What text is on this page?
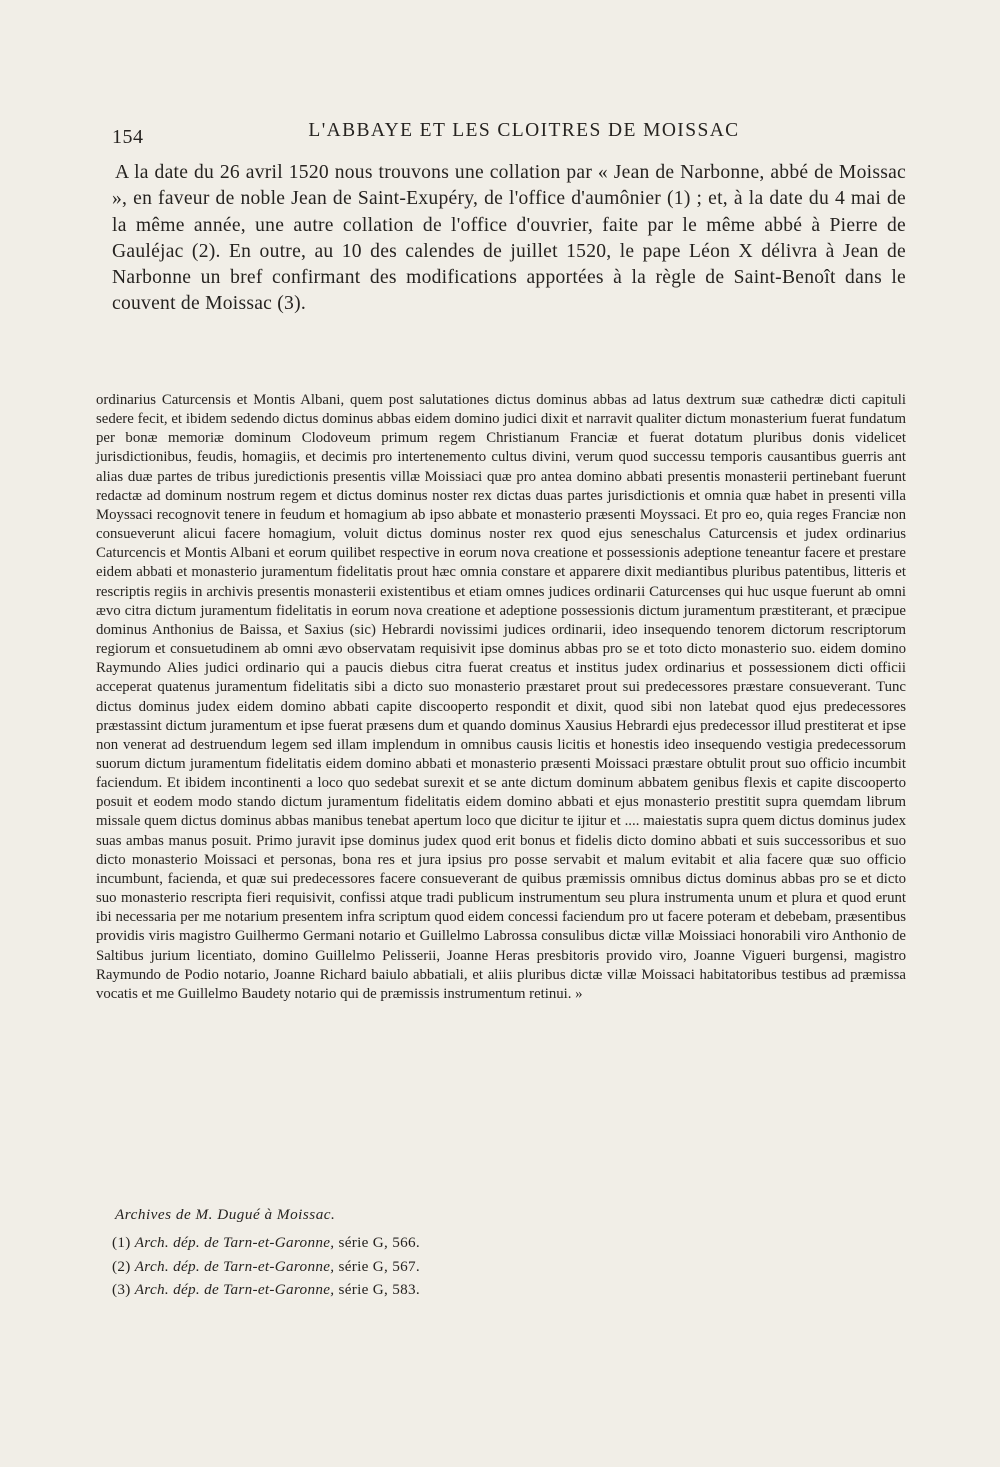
154	L'ABBAYE ET LES CLOITRES DE MOISSAC

A la date du 26 avril 1520 nous trouvons une collation par « Jean de Narbonne, abbé de Moissac », en faveur de noble Jean de Saint-Exupéry, de l'office d'aumônier (1) ; et, à la date du 4 mai de la même année, une autre collation de l'office d'ouvrier, faite par le même abbé à Pierre de Gauléjac (2). En outre, au 10 des calendes de juillet 1520, le pape Léon X délivra à Jean de Narbonne un bref confirmant des modifications apportées à la règle de Saint-Benoît dans le couvent de Moissac (3).

ordinarius Caturcensis et Montis Albani, quem post salutationes dictus dominus abbas ad latus dextrum suæ cathedræ dicti capituli sedere fecit, et ibidem sedendo dictus dominus abbas eidem domino judici dixit et narravit qualiter dictum monasterium fuerat fundatum per bonæ memoriæ dominum Clodoveum primum regem Christianum Franciæ et fuerat dotatum pluribus donis videlicet jurisdictionibus, feudis, homagiis, et decimis pro intertenemento cultus divini, verum quod successu temporis causantibus guerris ant alias duæ partes de tribus juredictionis presentis villæ Moissiaci quæ pro antea domino abbati presentis monasterii pertinebant fuerunt redactæ ad dominum nostrum regem et dictus dominus noster rex dictas duas partes jurisdictionis et omnia quæ habet in presenti villa Moyssaci recognovit tenere in feudum et homagium ab ipso abbate et monasterio præsenti Moyssaci. Et pro eo, quia reges Franciæ non consueverunt alicui facere homagium, voluit dictus dominus noster rex quod ejus seneschalus Caturcensis et judex ordinarius Caturcencis et Montis Albani et eorum quilibet respective in eorum nova creatione et possessionis adeptione teneantur facere et prestare eidem abbati et monasterio juramentum fidelitatis prout hæc omnia constare et apparere dixit mediantibus pluribus patentibus, litteris et rescriptis regiis in archivis presentis monasterii existentibus et etiam omnes judices ordinarii Caturcenses qui huc usque fuerunt ab omni ævo citra dictum juramentum fidelitatis in eorum nova creatione et adeptione possessionis dictum juramentum præstiterant, et præcipue dominus Anthonius de Baissa, et Saxius (sic) Hebrardi novissimi judices ordinarii, ideo insequendo tenorem dictorum rescriptorum regiorum et consuetudinem ab omni ævo observatam requisivit ipse dominus abbas pro se et toto dicto monasterio suo. eidem domino Raymundo Alies judici ordinario qui a paucis diebus citra fuerat creatus et institus judex ordinarius et possessionem dicti officii acceperat quatenus juramentum fidelitatis sibi a dicto suo monasterio præstaret prout sui predecessores præstare consueverant. Tunc dictus dominus judex eidem domino abbati capite discooperto respondit et dixit, quod sibi non latebat quod ejus predecessores præstassint dictum juramentum et ipse fuerat præsens dum et quando dominus Xausius Hebrardi ejus predecessor illud prestiterat et ipse non venerat ad destruendum legem sed illam implendum in omnibus causis licitis et honestis ideo insequendo vestigia predecessorum suorum dictum juramentum fidelitatis eidem domino abbati et monasterio præsenti Moissaci præstare obtulit prout suo officio incumbit faciendum. Et ibidem incontinenti a loco quo sedebat surexit et se ante dictum dominum abbatem genibus flexis et capite discooperto posuit et eodem modo stando dictum juramentum fidelitatis eidem domino abbati et ejus monasterio prestitit supra quemdam librum missale quem dictus dominus abbas manibus tenebat apertum loco que dicitur te ijitur et .... maiestatis supra quem dictus dominus judex suas ambas manus posuit. Primo juravit ipse dominus judex quod erit bonus et fidelis dicto domino abbati et suis successoribus et suo dicto monasterio Moissaci et personas, bona res et jura ipsius pro posse servabit et malum evitabit et alia facere quæ suo officio incumbunt, facienda, et quæ sui predecessores facere consueverant de quibus præmissis omnibus dictus dominus abbas pro se et dicto suo monasterio rescripta fieri requisivit, confissi atque tradi publicum instrumentum seu plura instrumenta unum et plura et quod erunt ibi necessaria per me notarium presentem infra scriptum quod eidem concessi faciendum pro ut facere poteram et debebam, præsentibus providis viris magistro Guilhermo Germani notario et Guillelmo Labrossa consulibus dictæ villæ Moissiaci honorabili viro Anthonio de Saltibus jurium licentiato, domino Guillelmo Pelisserii, Joanne Heras presbitoris provido viro, Joanne Vigueri burgensi, magistro Raymundo de Podio notario, Joanne Richard baiulo abbatiali, et aliis pluribus dictæ villæ Moissaci habitatoribus testibus ad præmissa vocatis et me Guillelmo Baudety notario qui de præmissis instrumentum retinui. »

Archives de M. Dugué à Moissac.
(1) Arch. dép. de Tarn-et-Garonne, série G, 566.
(2) Arch. dép. de Tarn-et-Garonne, série G, 567.
(3) Arch. dép. de Tarn-et-Garonne, série G, 583.
